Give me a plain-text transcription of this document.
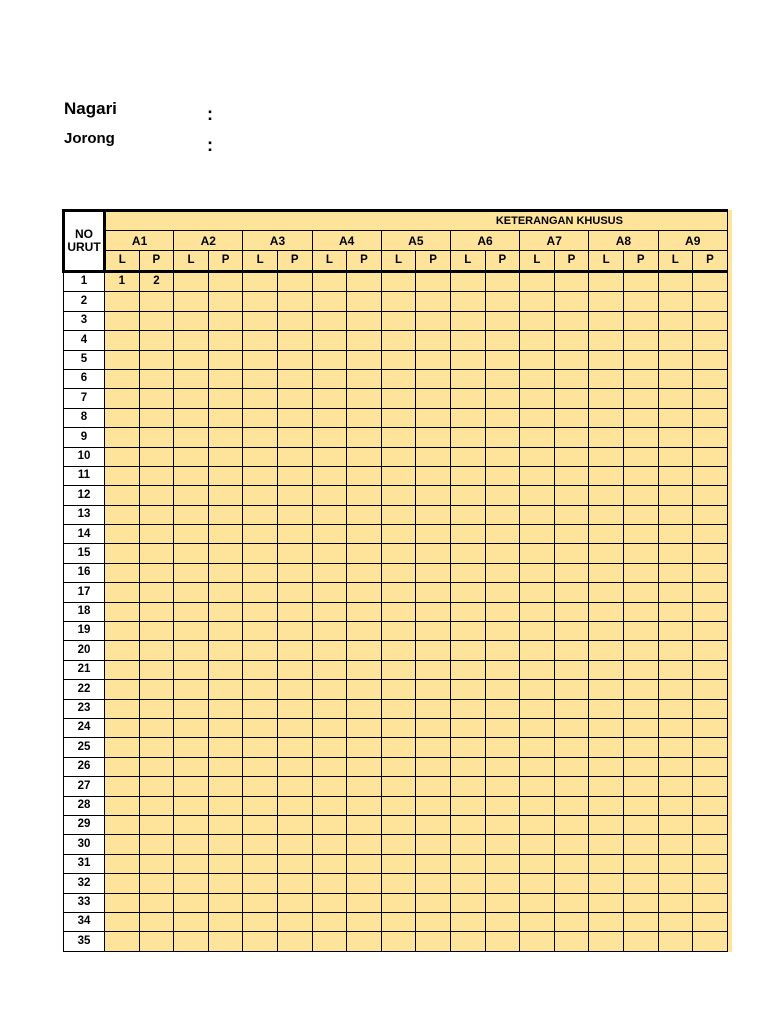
Nagari	:
Jorong	:
NO
URUT	KETERANGAN KHUSUS																	
	A1		A2		A3		A4		A5		A6		A7		A8		A9	
	L	P	L	P	L	P	L	P	L	P	L	P	L	P	L	P	L	P
1	1	2																
2																		
3																		
4																		
5																		
6																		
7																		
8																		
9																		
10																		
11																		
12																		
13																		
14																		
15																		
16																		
17																		
18																		
19																		
20																		
21																		
22																		
23																		
24																		
25																		
26																		
27																		
28																		
29																		
30																		
31																		
32																		
33																		
34																		
35																		
